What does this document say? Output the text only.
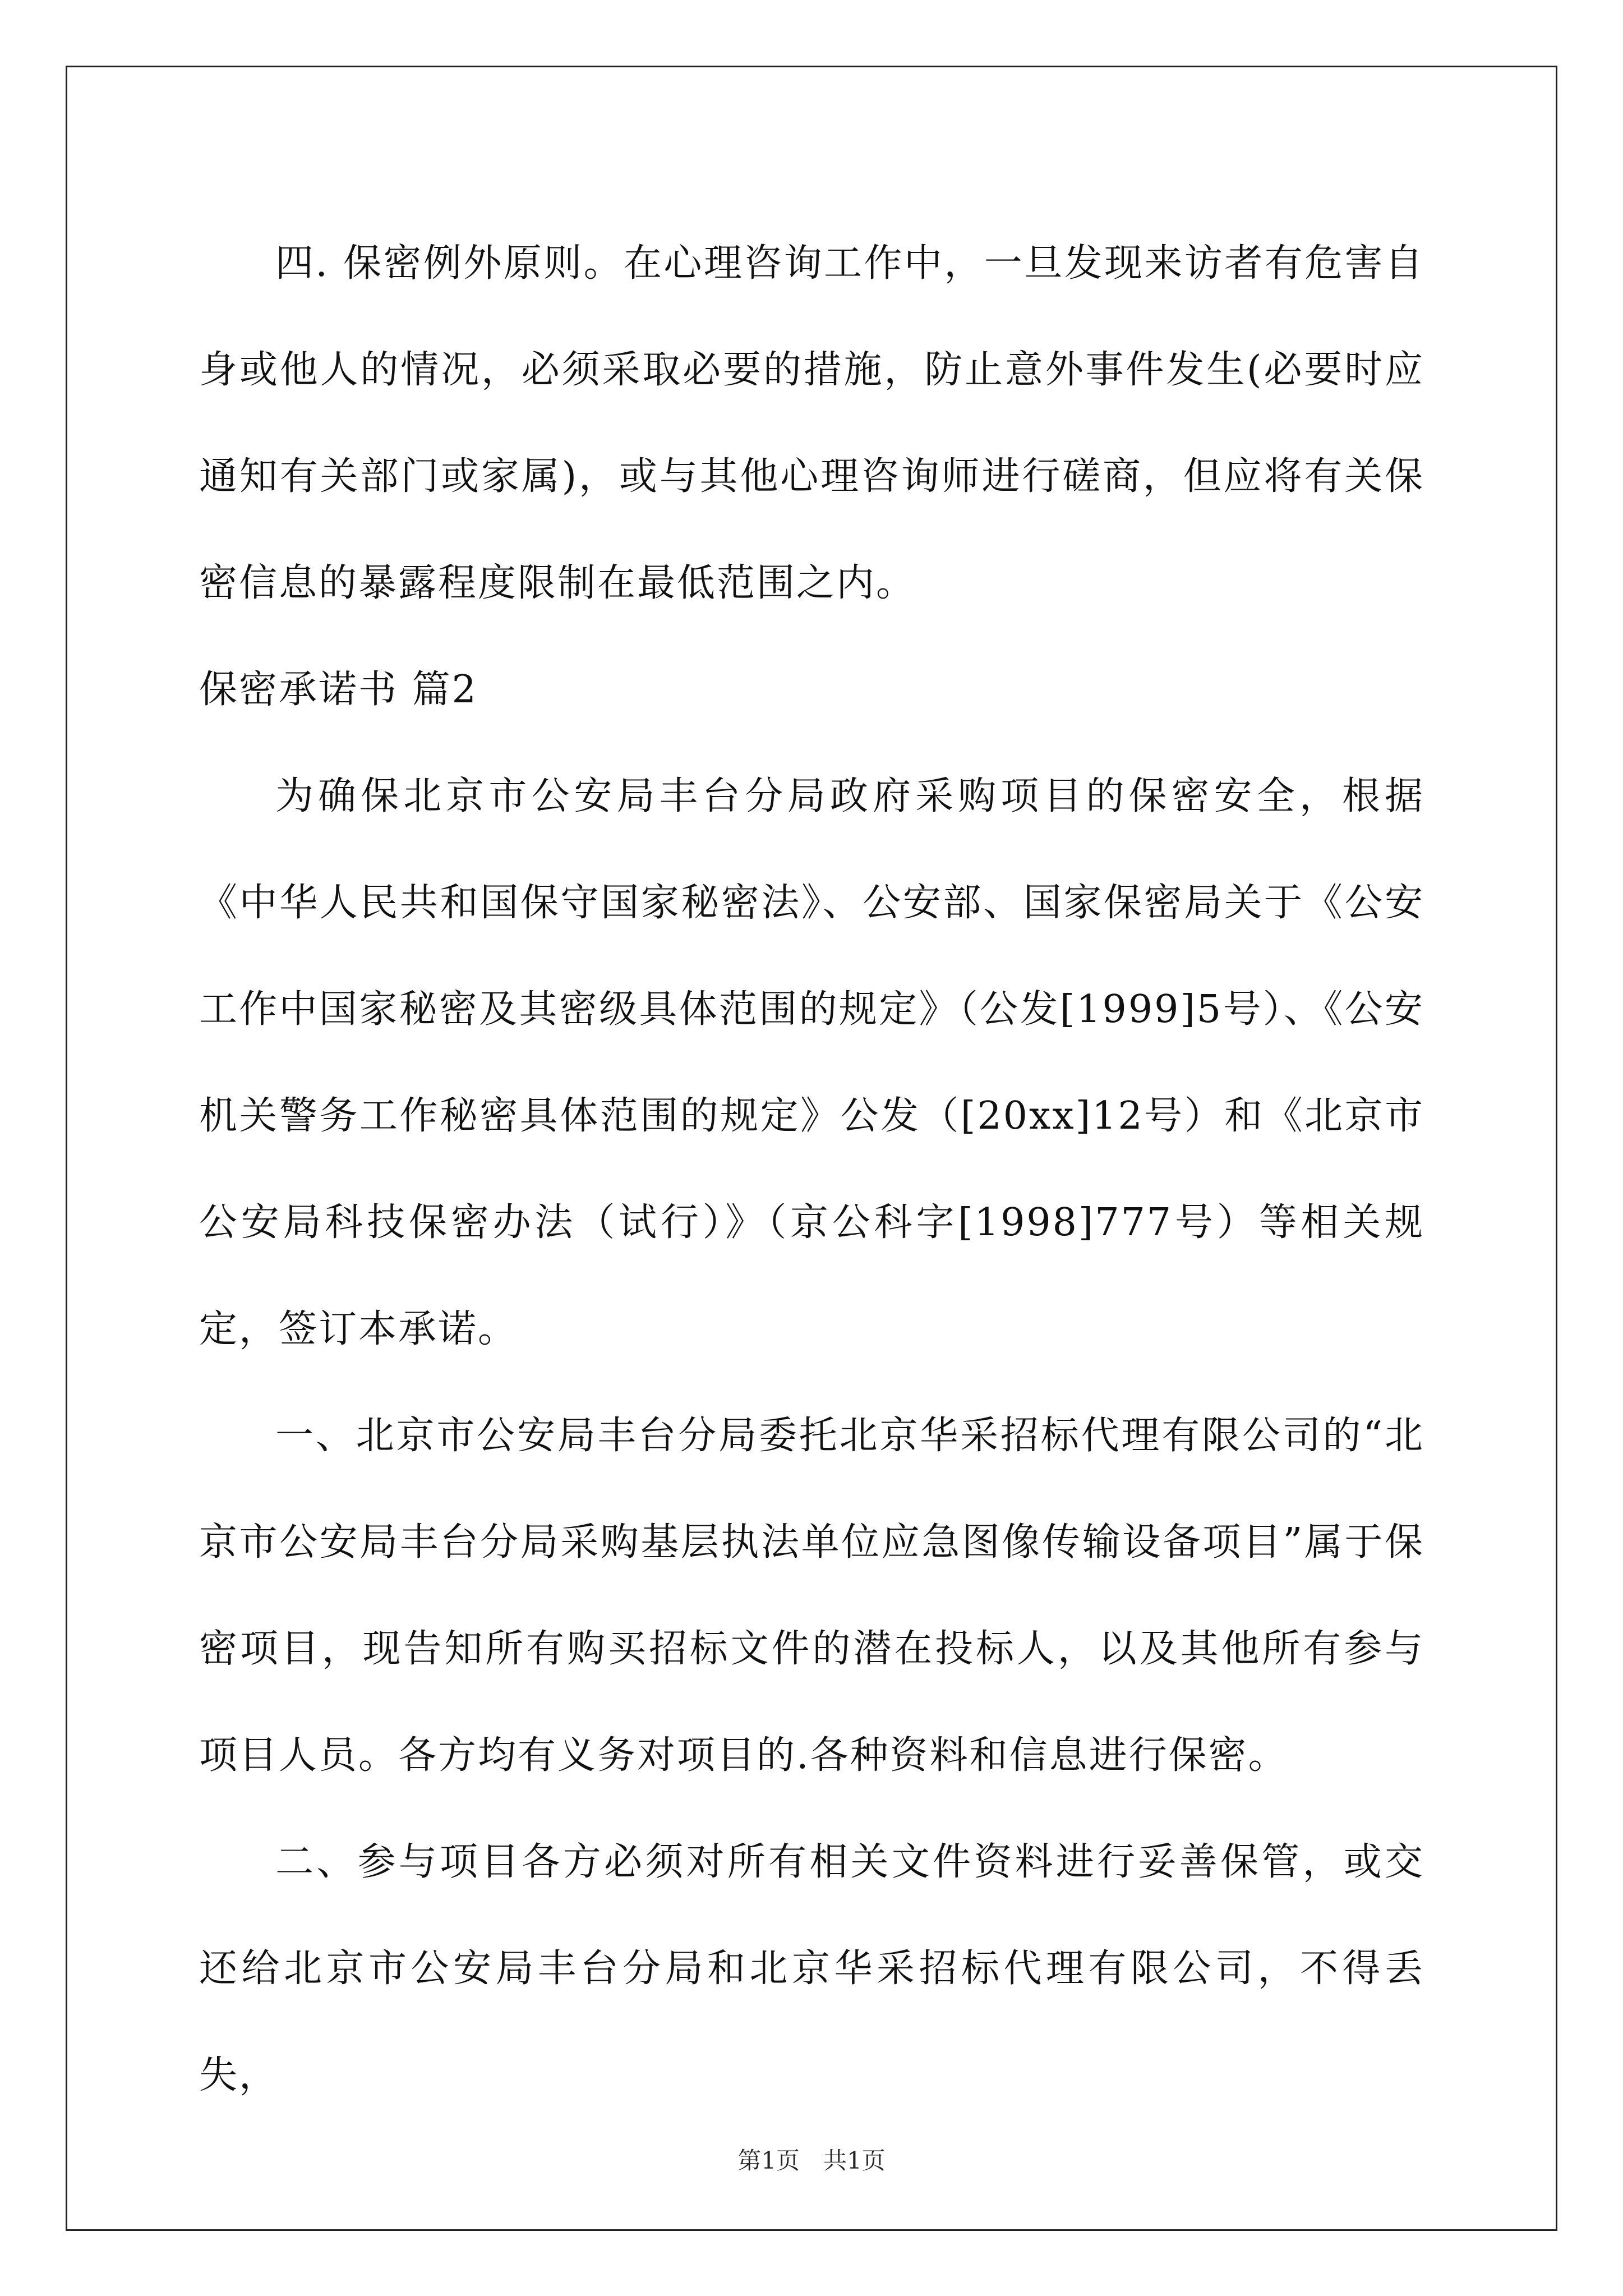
四. 保密例外原则。在心理咨询工作中，一旦发现来访者有危害自身或他人的情况，必须采取必要的措施，防止意外事件发生(必要时应通知有关部门或家属)，或与其他心理咨询师进行磋商，但应将有关保密信息的暴露程度限制在最低范围之内。

保密承诺书 篇2

为确保北京市公安局丰台分局政府采购项目的保密安全，根据《中华人民共和国保守国家秘密法》、公安部、国家保密局关于《公安工作中国家秘密及其密级具体范围的规定》（公发[1999]5号）、《公安机关警务工作秘密具体范围的规定》公发（[20xx]12号）和《北京市公安局科技保密办法（试行）》（京公科字[1998]777号）等相关规定，签订本承诺。

一、北京市公安局丰台分局委托北京华采招标代理有限公司的“北京市公安局丰台分局采购基层执法单位应急图像传输设备项目”属于保密项目，现告知所有购买招标文件的潜在投标人，以及其他所有参与项目人员。各方均有义务对项目的.各种资料和信息进行保密。

二、参与项目各方必须对所有相关文件资料进行妥善保管，或交还给北京市公安局丰台分局和北京华采招标代理有限公司，不得丢失，

第1页　共1页
